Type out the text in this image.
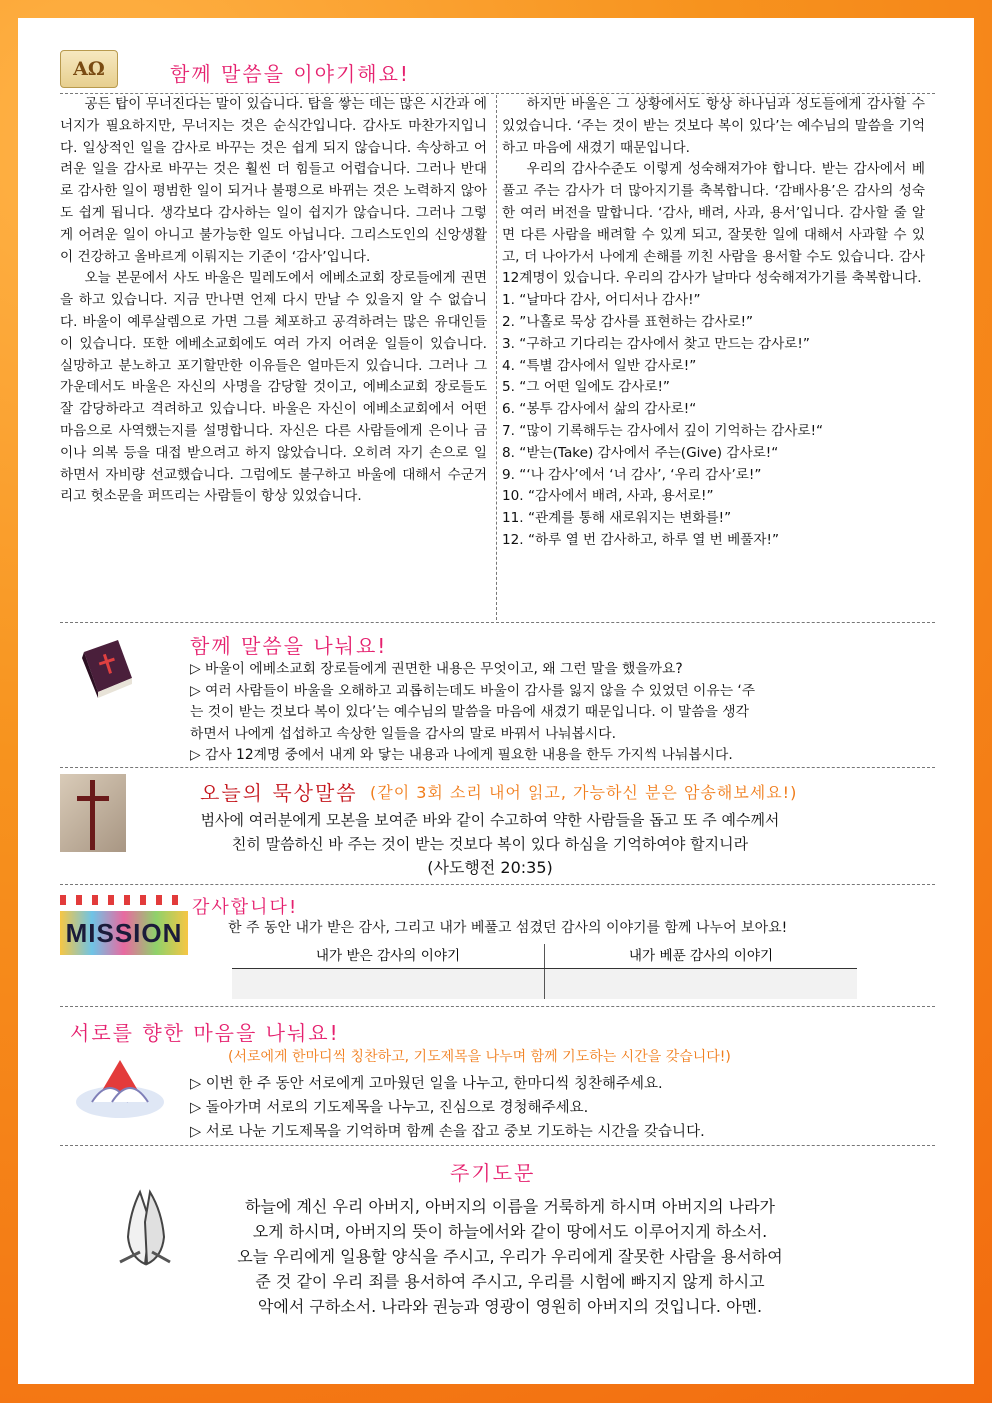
AΩ	함께 말씀을 이야기해요!

공든 탑이 무너진다는 말이 있습니다. 탑을 쌓는 데는 많은 시간과 에너지가 필요하지만, 무너지는 것은 순식간입니다. 감사도 마찬가지입니다. 일상적인 일을 감사로 바꾸는 것은 쉽게 되지 않습니다. 속상하고 어려운 일을 감사로 바꾸는 것은 훨씬 더 힘들고 어렵습니다. 그러나 반대로 감사한 일이 평범한 일이 되거나 불평으로 바뀌는 것은 노력하지 않아도 쉽게 됩니다. 생각보다 감사하는 일이 쉽지가 않습니다. 그러나 그렇게 어려운 일이 아니고 불가능한 일도 아닙니다. 그리스도인의 신앙생활이 건강하고 올바르게 이뤄지는 기준이 ‘감사’입니다.

오늘 본문에서 사도 바울은 밀레도에서 에베소교회 장로들에게 권면을 하고 있습니다. 지금 만나면 언제 다시 만날 수 있을지 알 수 없습니다. 바울이 예루살렘으로 가면 그를 체포하고 공격하려는 많은 유대인들이 있습니다. 또한 에베소교회에도 여러 가지 어려운 일들이 있습니다. 실망하고 분노하고 포기할만한 이유들은 얼마든지 있습니다. 그러나 그 가운데서도 바울은 자신의 사명을 감당할 것이고, 에베소교회 장로들도 잘 감당하라고 격려하고 있습니다. 바울은 자신이 에베소교회에서 어떤 마음으로 사역했는지를 설명합니다. 자신은 다른 사람들에게 은이나 금이나 의복 등을 대접 받으려고 하지 않았습니다. 오히려 자기 손으로 일하면서 자비량 선교했습니다. 그럼에도 불구하고 바울에 대해서 수군거리고 헛소문을 퍼뜨리는 사람들이 항상 있었습니다.

하지만 바울은 그 상황에서도 항상 하나님과 성도들에게 감사할 수 있었습니다. ‘주는 것이 받는 것보다 복이 있다’는 예수님의 말씀을 기억하고 마음에 새겼기 때문입니다.

우리의 감사수준도 이렇게 성숙해져가야 합니다. 받는 감사에서 베풀고 주는 감사가 더 많아지기를 축복합니다. ‘감배사용’은 감사의 성숙한 여러 버전을 말합니다. ‘감사, 배려, 사과, 용서’입니다. 감사할 줄 알면 다른 사람을 배려할 수 있게 되고, 잘못한 일에 대해서 사과할 수 있고, 더 나아가서 나에게 손해를 끼친 사람을 용서할 수도 있습니다. 감사 12계명이 있습니다. 우리의 감사가 날마다 성숙해져가기를 축복합니다.

1. “날마다 감사, 어디서나 감사!”
2. ”나홀로 묵상 감사를 표현하는 감사로!”
3. “구하고 기다리는 감사에서 찾고 만드는 감사로!”
4. “특별 감사에서 일반 감사로!”
5. “그 어떤 일에도 감사로!”
6. “봉투 감사에서 삶의 감사로!“
7. “많이 기록해두는 감사에서 깊이 기억하는 감사로!“
8. “받는(Take) 감사에서 주는(Give) 감사로!“
9. “‘나 감사’에서 ‘너 감사’, ‘우리 감사’로!”
10. “감사에서 배려, 사과, 용서로!”
11. “관계를 통해 새로워지는 변화를!”
12. “하루 열 번 감사하고, 하루 열 번 베풀자!”
함께 말씀을 나눠요!
▷ 바울이 에베소교회 장로들에게 권면한 내용은 무엇이고, 왜 그런 말을 했을까요?
▷ 여러 사람들이 바울을 오해하고 괴롭히는데도 바울이 감사를 잃지 않을 수 있었던 이유는 ‘주
는 것이 받는 것보다 복이 있다’는 예수님의 말씀을 마음에 새겼기 때문입니다. 이 말씀을 생각
하면서 나에게 섭섭하고 속상한 일들을 감사의 말로 바꿔서 나눠봅시다.
▷ 감사 12계명 중에서 내게 와 닿는 내용과 나에게 필요한 내용을 한두 가지씩 나눠봅시다.
오늘의 묵상말씀 (같이 3회 소리 내어 읽고, 가능하신 분은 암송해보세요!)
범사에 여러분에게 모본을 보여준 바와 같이 수고하여 약한 사람들을 돕고 또 주 예수께서
친히 말씀하신 바 주는 것이 받는 것보다 복이 있다 하심을 기억하여야 할지니라
(사도행전 20:35)
MISSION
감사합니다!
한 주 동안 내가 받은 감사, 그리고 내가 베풀고 섬겼던 감사의 이야기를 함께 나누어 보아요!
내가 받은 감사의 이야기	내가 베푼 감사의 이야기
서로를 향한 마음을 나눠요!
(서로에게 한마디씩 칭찬하고, 기도제목을 나누며 함께 기도하는 시간을 갖습니다!)
▷ 이번 한 주 동안 서로에게 고마웠던 일을 나누고, 한마디씩 칭찬해주세요.
▷ 돌아가며 서로의 기도제목을 나누고, 진심으로 경청해주세요.
▷ 서로 나눈 기도제목을 기억하며 함께 손을 잡고 중보 기도하는 시간을 갖습니다.
주기도문
하늘에 계신 우리 아버지, 아버지의 이름을 거룩하게 하시며 아버지의 나라가
오게 하시며, 아버지의 뜻이 하늘에서와 같이 땅에서도 이루어지게 하소서.
오늘 우리에게 일용할 양식을 주시고, 우리가 우리에게 잘못한 사람을 용서하여
준 것 같이 우리 죄를 용서하여 주시고, 우리를 시험에 빠지지 않게 하시고
악에서 구하소서. 나라와 권능과 영광이 영원히 아버지의 것입니다. 아멘.
